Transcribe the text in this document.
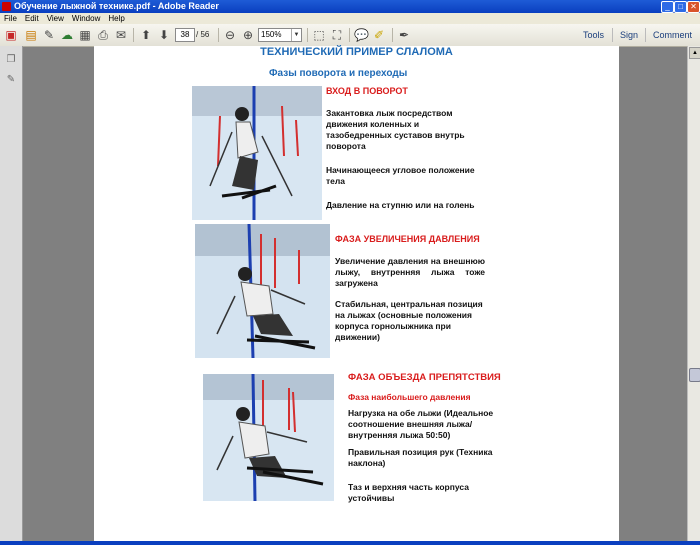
Обучение лыжной технике.pdf - Adobe Reader	_	□ ✕
File Edit View Window Help
▣ ▤ ✎ ☁ ▦ ⎙ ✉ ⬆ ⬇	38 / 56 ⊖ ⊕ 150%	▼ ⬚ ⛶ 💬 ✐ ✒	Tools Sign Comment
❐
✎
ТЕХНИЧЕСКИЙ ПРИМЕР СЛАЛОМА
Фазы поворота и переходы
ВХОД В ПОВОРОТ
Закантовка лыж посредством движения коленных и тазобедренных суставов внутрь поворота
Начинающееся угловое положение тела
Давление на ступню или на голень
ФАЗА УВЕЛИЧЕНИЯ ДАВЛЕНИЯ
Увеличение давления на внешнюю лыжу, внутренняя лыжа тоже загружена
Стабильная, центральная позиция на лыжах (основные положения корпуса горнолыжника при движении)
ФАЗА ОБЪЕЗДА ПРЕПЯТСТВИЯ
Фаза наибольшего давления
Нагрузка на обе лыжи (Идеальное соотношение внешняя лыжа/внутренняя лыжа 50:50)
Правильная позиция рук (Техника наклона)
Таз и верхняя часть корпуса устойчивы
▲
